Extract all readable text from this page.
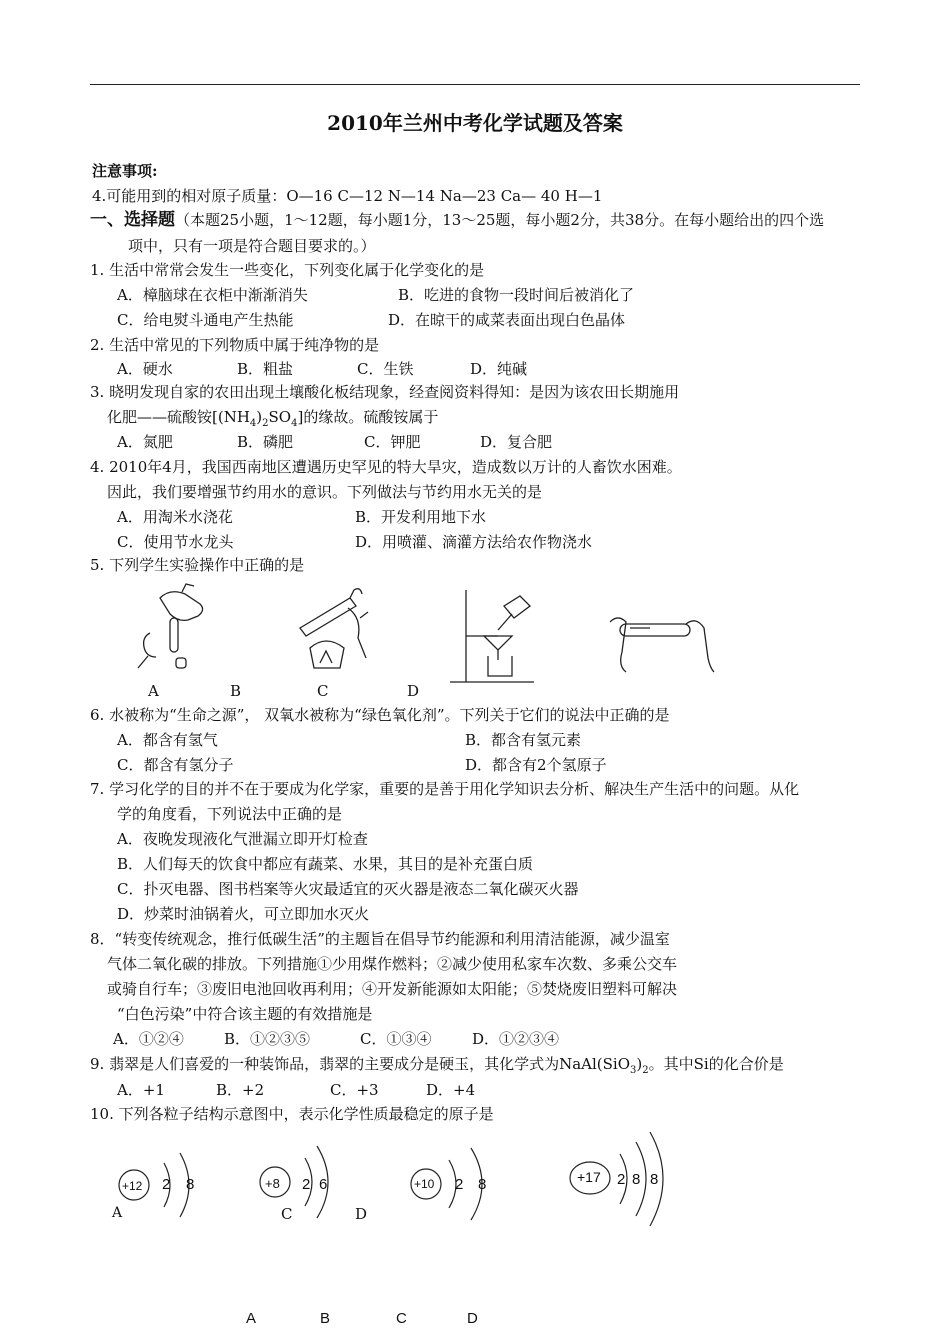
2010年兰州中考化学试题及答案
注意事项:
4.可能用到的相对原子质量：O—16 C—12 N—14 Na—23 Ca— 40 H—1
一、选择题（本题25小题，1～12题，每小题1分，13～25题，每小题2分，共38分。在每小题给出的四个选
项中，只有一项是符合题目要求的。）
1. 生活中常常会发生一些变化，下列变化属于化学变化的是
A．樟脑球在衣柜中渐渐消失	B．吃进的食物一段时间后被消化了
C．给电熨斗通电产生热能	D．在晾干的咸菜表面出现白色晶体
2. 生活中常见的下列物质中属于纯净物的是
A．硬水	B．粗盐	C．生铁	D．纯碱
3. 晓明发现自家的农田出现土壤酸化板结现象，经查阅资料得知：是因为该农田长期施用
化肥——硫酸铵$[(NH_4)_2SO_4]$的缘故。硫酸铵属于
A．氮肥	B．磷肥	C．钾肥	D．复合肥
4. 2010年4月，我国西南地区遭遇历史罕见的特大旱灾，造成数以万计的人畜饮水困难。
因此，我们要增强节约用水的意识。下列做法与节约用水无关的是
A．用淘米水浇花	B．开发利用地下水
C．使用节水龙头	D．用喷灌、滴灌方法给农作物浇水
5. 下列学生实验操作中正确的是
A	B	C	D
6. 水被称为“生命之源”， 双氧水被称为“绿色氧化剂”。下列关于它们的说法中正确的是
A．都含有氢气	B．都含有氢元素
C．都含有氢分子	D．都含有2个氢原子
7. 学习化学的目的并不在于要成为化学家，重要的是善于用化学知识去分析、解决生产生活中的问题。从化
学的角度看，下列说法中正确的是
A．夜晚发现液化气泄漏立即开灯检查
B．人们每天的饮食中都应有蔬菜、水果，其目的是补充蛋白质
C．扑灭电器、图书档案等火灾最适宜的灭火器是液态二氧化碳灭火器
D．炒菜时油锅着火，可立即加水灭火
8．“转变传统观念，推行低碳生活”的主题旨在倡导节约能源和利用清洁能源，减少温室
气体二氧化碳的排放。下列措施①少用煤作燃料；②减少使用私家车次数、多乘公交车
或骑自行车；③废旧电池回收再利用；④开发新能源如太阳能；⑤焚烧废旧塑料可解决
“白色污染”中符合该主题的有效措施是
A．①②④	B．①②③⑤	C．①③④	D．①②③④
9. 翡翠是人们喜爱的一种装饰品，翡翠的主要成分是硬玉，其化学式为$NaAl(SiO_3)_2$。其中Si的化合价是
A．+1	B．+2	C．+3	D．+4
10. 下列各粒子结构示意图中，表示化学性质最稳定的原子是
+12 2 8	+8 2 6	+10 2 8	+17 2 8 8
A	C	D
A	B	C	D
